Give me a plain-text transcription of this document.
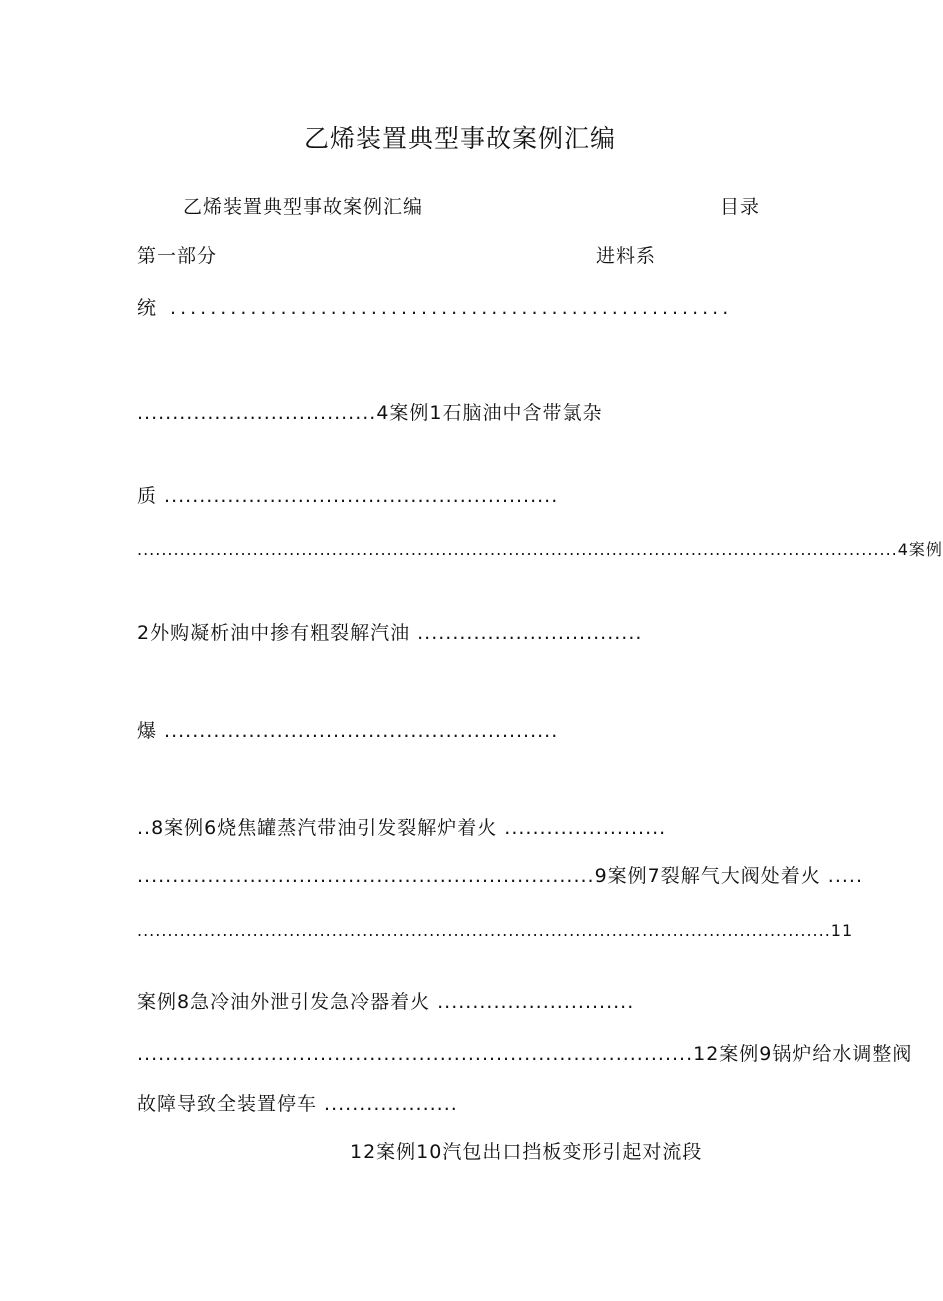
乙烯装置典型事故案例汇编
乙烯装置典型事故案例汇编	目录
第一部分	进料系
统 ........................................................
..................................4案例1石脑油中含带氯杂
质 ........................................................
.............................................................................................................................4案例
2外购凝析油中掺有粗裂解汽油 ................................
爆 ........................................................
..8案例6烧焦罐蒸汽带油引发裂解炉着火 .......................
.................................................................9案例7裂解气大阀处着火 .....
..................................................................................................................11
案例8急冷油外泄引发急冷器着火 ............................
...............................................................................12案例9锅炉给水调整阀
故障导致全装置停车 ...................
12案例10汽包出口挡板变形引起对流段
